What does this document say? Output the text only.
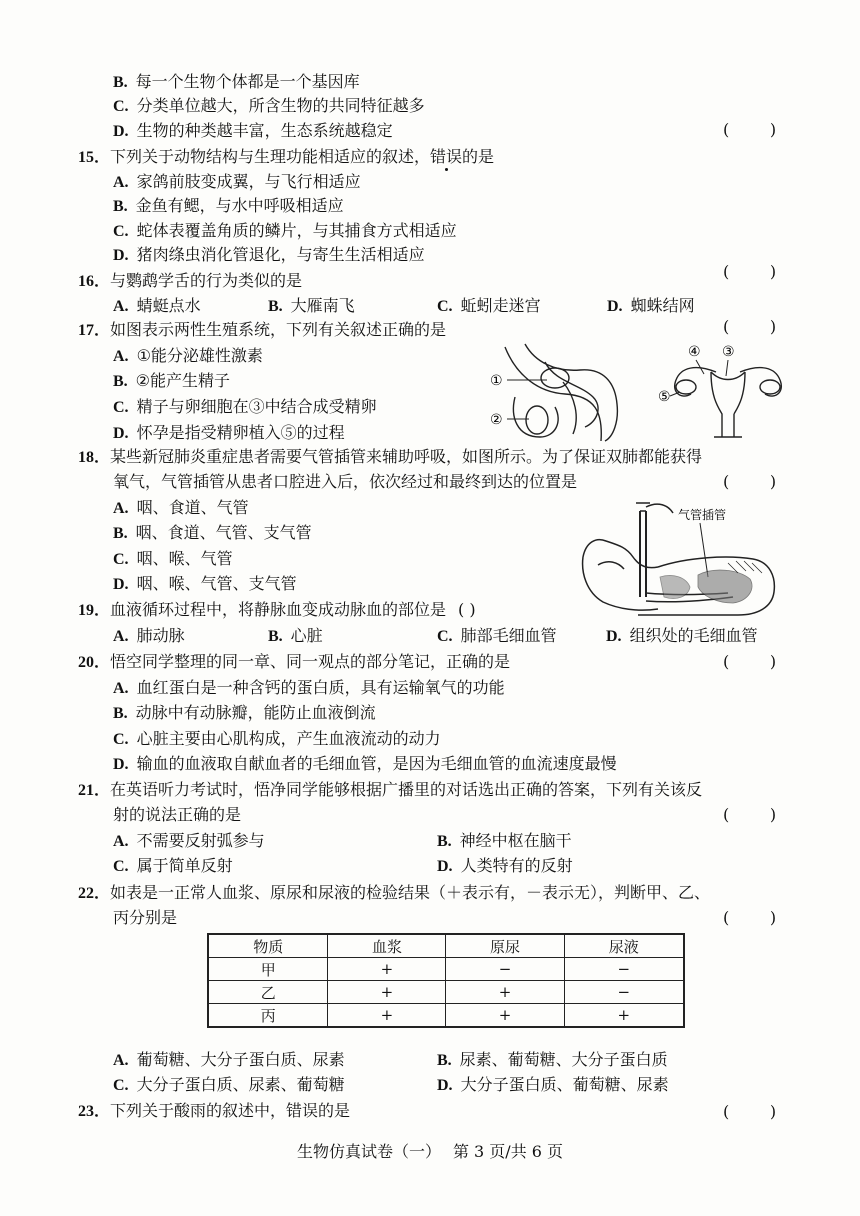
B. 每一个生物个体都是一个基因库
C. 分类单位越大，所含生物的共同特征越多
D. 生物的种类越丰富，生态系统越稳定	(        )
15．下列关于动物结构与生理功能相适应的叙述，错误的是
A. 家鸽前肢变成翼，与飞行相适应
B. 金鱼有鳃，与水中呼吸相适应
C. 蛇体表覆盖角质的鳞片，与其捕食方式相适应
D. 猪肉绦虫消化管退化，与寄生生活相适应
16．与鹦鹉学舌的行为类似的是	(        )
A. 蜻蜓点水	B. 大雁南飞	C. 蚯蚓走迷宫	D. 蜘蛛结网
17．如图表示两性生殖系统，下列有关叙述正确的是	(        )
A. ①能分泌雄性激素
B. ②能产生精子
C. 精子与卵细胞在③中结合成受精卵
D. 怀孕是指受精卵植入⑤的过程
①
②
④ ③
⑤
18．某些新冠肺炎重症患者需要气管插管来辅助呼吸，如图所示。为了保证双肺都能获得
氧气，气管插管从患者口腔进入后，依次经过和最终到达的位置是	(        )
A. 咽、食道、气管
B. 咽、食道、气管、支气管
C. 咽、喉、气管
D. 咽、喉、气管、支气管
气管插管
19．血液循环过程中，将静脉血变成动脉血的部位是 ( )
A. 肺动脉	B. 心脏	C. 肺部毛细血管	D. 组织处的毛细血管
20．悟空同学整理的同一章、同一观点的部分笔记，正确的是	(        )
A. 血红蛋白是一种含钙的蛋白质，具有运输氧气的功能
B. 动脉中有动脉瓣，能防止血液倒流
C. 心脏主要由心肌构成，产生血液流动的动力
D. 输血的血液取自献血者的毛细血管，是因为毛细血管的血流速度最慢
21．在英语听力考试时，悟净同学能够根据广播里的对话选出正确的答案，下列有关该反
射的说法正确的是	(        )
A. 不需要反射弧参与	B. 神经中枢在脑干
C. 属于简单反射	D. 人类特有的反射
22．如表是一正常人血浆、原尿和尿液的检验结果（＋表示有，－表示无），判断甲、乙、
丙分别是	(        )
物质	血浆	原尿	尿液
甲	+	−	−
乙	+	+	−
丙	+	+	+
A. 葡萄糖、大分子蛋白质、尿素	B. 尿素、葡萄糖、大分子蛋白质
C. 大分子蛋白质、尿素、葡萄糖	D. 大分子蛋白质、葡萄糖、尿素
23．下列关于酸雨的叙述中，错误的是	(        )
生物仿真试卷（一） 第 3 页/共 6 页
